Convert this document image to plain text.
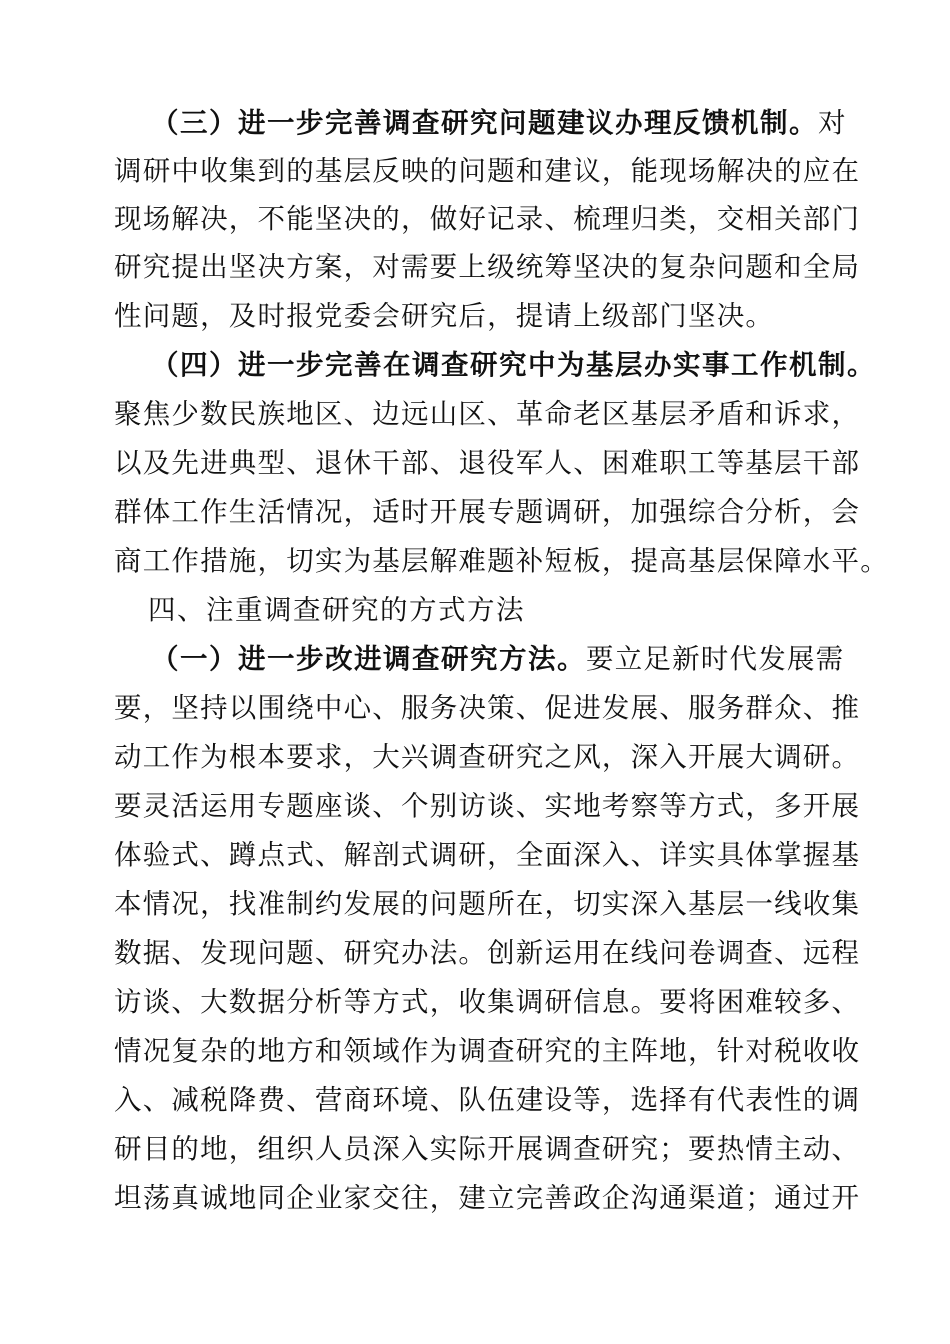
（三）进一步完善调查研究问题建议办理反馈机制。对
调研中收集到的基层反映的问题和建议，能现场解决的应在
现场解决，不能坚决的，做好记录、梳理归类，交相关部门
研究提出坚决方案，对需要上级统筹坚决的复杂问题和全局
性问题，及时报党委会研究后，提请上级部门坚决。
（四）进一步完善在调查研究中为基层办实事工作机制。
聚焦少数民族地区、边远山区、革命老区基层矛盾和诉求，
以及先进典型、退休干部、退役军人、困难职工等基层干部
群体工作生活情况，适时开展专题调研，加强综合分析，会
商工作措施，切实为基层解难题补短板，提高基层保障水平。
四、注重调查研究的方式方法
（一）进一步改进调查研究方法。要立足新时代发展需
要，坚持以围绕中心、服务决策、促进发展、服务群众、推
动工作为根本要求，大兴调查研究之风，深入开展大调研。
要灵活运用专题座谈、个别访谈、实地考察等方式，多开展
体验式、蹲点式、解剖式调研，全面深入、详实具体掌握基
本情况，找准制约发展的问题所在，切实深入基层一线收集
数据、发现问题、研究办法。创新运用在线问卷调查、远程
访谈、大数据分析等方式，收集调研信息。要将困难较多、
情况复杂的地方和领域作为调查研究的主阵地，针对税收收
入、减税降费、营商环境、队伍建设等，选择有代表性的调
研目的地，组织人员深入实际开展调查研究；要热情主动、
坦荡真诚地同企业家交往，建立完善政企沟通渠道；通过开
